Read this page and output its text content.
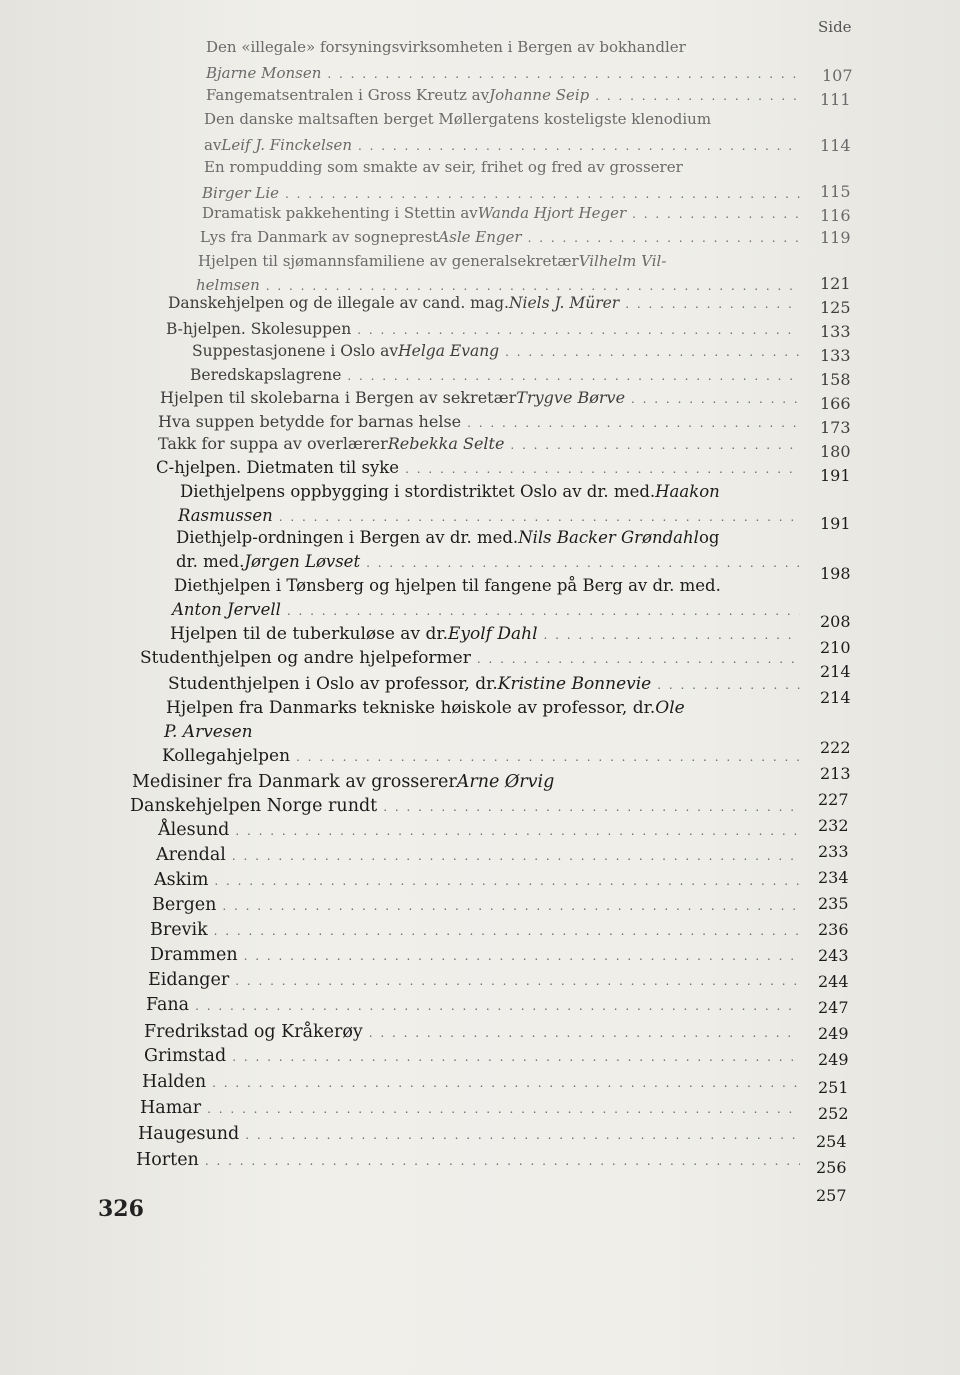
Side
Den «illegale» forsyningsvirksomheten i Bergen av bokhandler
Bjarne Monsen
. . .
Fangematsentralen i Gross Kreutz av Johanne Seip
. . .
Den danske maltsaften berget Møllergatens kosteligste klenodium
av Leif J. Finckelsen
. . .
En rompudding som smakte av seir, frihet og fred av grosserer
Birger Lie
. . .
Dramatisk pakkehenting i Stettin av Wanda Hjort Heger
. . .
Lys fra Danmark av sogneprest Asle Enger
. . .
Hjelpen til sjømannsfamiliene av generalsekretær Vilhelm Vil-
helmsen
. . .
Danskehjelpen og de illegale av cand. mag. Niels J. Mürer
. . .
B-hjelpen. Skolesuppen
. . .
Suppestasjonene i Oslo av Helga Evang
. . .
Beredskapslagrene
. . .
Hjelpen til skolebarna i Bergen av sekretær Trygve Børve
. . .
Hva suppen betydde for barnas helse
. . .
Takk for suppa av overlærer Rebekka Selte
. . .
C-hjelpen. Dietmaten til syke
. . .
Diethjelpens oppbygging i stordistriktet Oslo av dr. med. Haakon
Rasmussen
. . .
Diethjelp-ordningen i Bergen av dr. med. Nils Backer Grøndahl og
dr. med. Jørgen Løvset
. . .
Diethjelpen i Tønsberg og hjelpen til fangene på Berg av dr. med.
Anton Jervell
. . .
Hjelpen til de tuberkuløse av dr. Eyolf Dahl
. . .
Studenthjelpen og andre hjelpeformer
. . .
Studenthjelpen i Oslo av professor, dr. Kristine Bonnevie
. . .
Hjelpen fra Danmarks tekniske høiskole av professor, dr. Ole
P. Arvesen
Kollegahjelpen
. . .
Medisiner fra Danmark av grosserer Arne Ørvig
Danskehjelpen Norge rundt
. . .
Ålesund
. . .
Arendal
. . .
Askim
. . .
Bergen
. . .
Brevik
. . .
Drammen
. . .
Eidanger
. . .
Fana
. . .
Fredrikstad og Kråkerøy
. . .
Grimstad
. . .
Halden
. . .
Hamar
. . .
Haugesund
. . .
Horten
. . .
107
111
114
115
116
119
121
125
133
133
158
166
173
180
191
191
198
208
210
214
214
222
213
227
232
233
234
235
236
243
244
247
249
249
251
252
254
256
257
326
